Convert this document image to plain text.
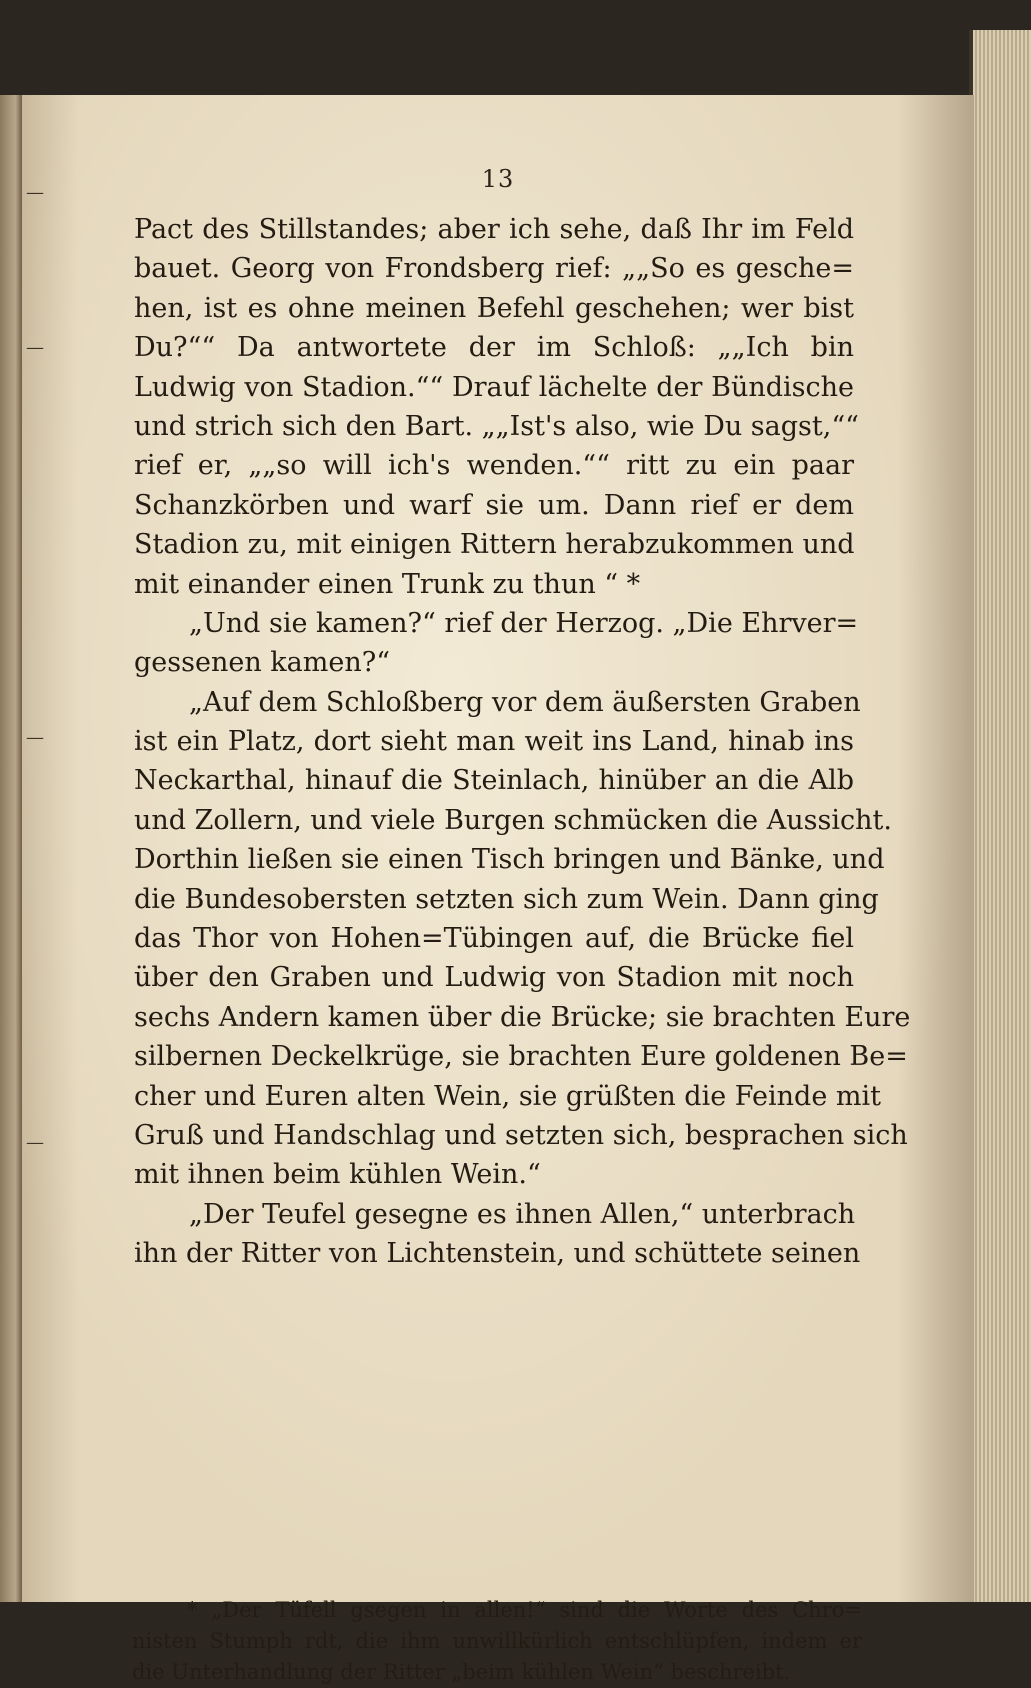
—
—
—
—
13
Pact des Stillstandes; aber ich sehe, daß Ihr im Feld
bauet. Georg von Frondsberg rief: „„So es gesche=
hen, ist es ohne meinen Befehl geschehen; wer bist
Du?““ Da antwortete der im Schloß: „„Ich bin
Ludwig von Stadion.““ Drauf lächelte der Bündische
und strich sich den Bart. „„Ist's also, wie Du sagst,““
rief er, „„so will ich's wenden.““ ritt zu ein paar
Schanzkörben und warf sie um. Dann rief er dem
Stadion zu, mit einigen Rittern herabzukommen und
mit einander einen Trunk zu thun “ *
„Und sie kamen?“ rief der Herzog. „Die Ehrver=
gessenen kamen?“
„Auf dem Schloßberg vor dem äußersten Graben
ist ein Platz, dort sieht man weit ins Land, hinab ins
Neckarthal, hinauf die Steinlach, hinüber an die Alb
und Zollern, und viele Burgen schmücken die Aussicht.
Dorthin ließen sie einen Tisch bringen und Bänke, und
die Bundesobersten setzten sich zum Wein. Dann ging
das Thor von Hohen=Tübingen auf, die Brücke fiel
über den Graben und Ludwig von Stadion mit noch
sechs Andern kamen über die Brücke; sie brachten Eure
silbernen Deckelkrüge, sie brachten Eure goldenen Be=
cher und Euren alten Wein, sie grüßten die Feinde mit
Gruß und Handschlag und setzten sich, besprachen sich
mit ihnen beim kühlen Wein.“
„Der Teufel gesegne es ihnen Allen,“ unterbrach
ihn der Ritter von Lichtenstein, und schüttete seinen
* „Der Tüfell gsegen in allen!“ sind die Worte des Chro=
nisten Stumph rdt, die ihm unwillkürlich entschlüpfen, indem er
die Unterhandlung der Ritter „beim kühlen Wein“ beschreibt.
